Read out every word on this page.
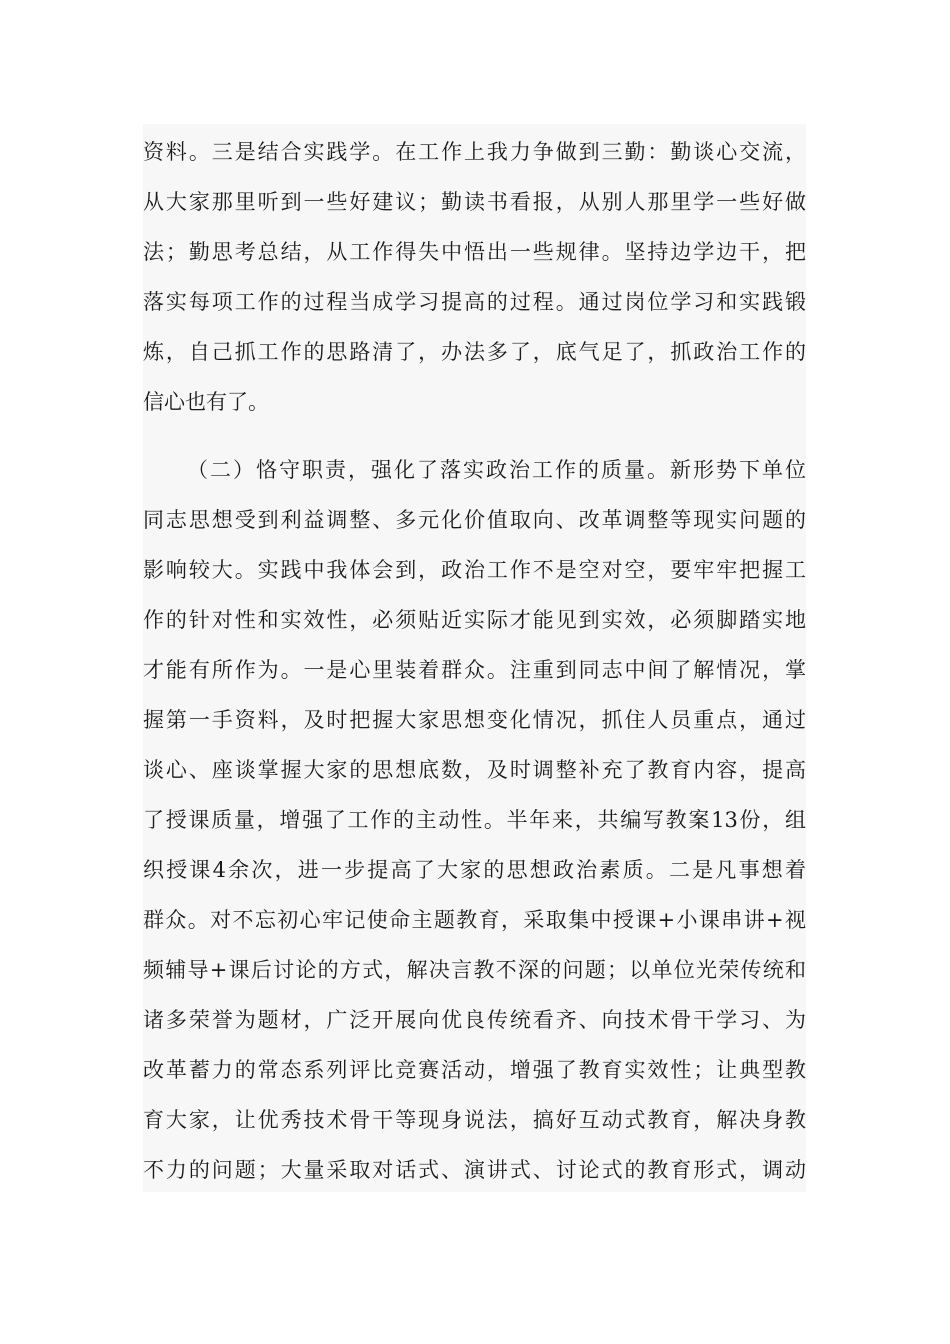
资料。三是结合实践学。在工作上我力争做到三勤：勤谈心交流，
从大家那里听到一些好建议；勤读书看报，从别人那里学一些好做
法；勤思考总结，从工作得失中悟出一些规律。坚持边学边干，把
落实每项工作的过程当成学习提高的过程。通过岗位学习和实践锻
炼，自己抓工作的思路清了，办法多了，底气足了，抓政治工作的
信心也有了。

（二）恪守职责，强化了落实政治工作的质量。新形势下单位
同志思想受到利益调整、多元化价值取向、改革调整等现实问题的
影响较大。实践中我体会到，政治工作不是空对空，要牢牢把握工
作的针对性和实效性，必须贴近实际才能见到实效，必须脚踏实地
才能有所作为。一是心里装着群众。注重到同志中间了解情况，掌
握第一手资料，及时把握大家思想变化情况，抓住人员重点，通过
谈心、座谈掌握大家的思想底数，及时调整补充了教育内容，提高
了授课质量，增强了工作的主动性。半年来，共编写教案13份，组
织授课4余次，进一步提高了大家的思想政治素质。二是凡事想着
群众。对不忘初心牢记使命主题教育，采取集中授课+小课串讲+视
频辅导+课后讨论的方式，解决言教不深的问题；以单位光荣传统和
诸多荣誉为题材，广泛开展向优良传统看齐、向技术骨干学习、为
改革蓄力的常态系列评比竞赛活动，增强了教育实效性；让典型教
育大家，让优秀技术骨干等现身说法，搞好互动式教育，解决身教
不力的问题；大量采取对话式、演讲式、讨论式的教育形式，调动
